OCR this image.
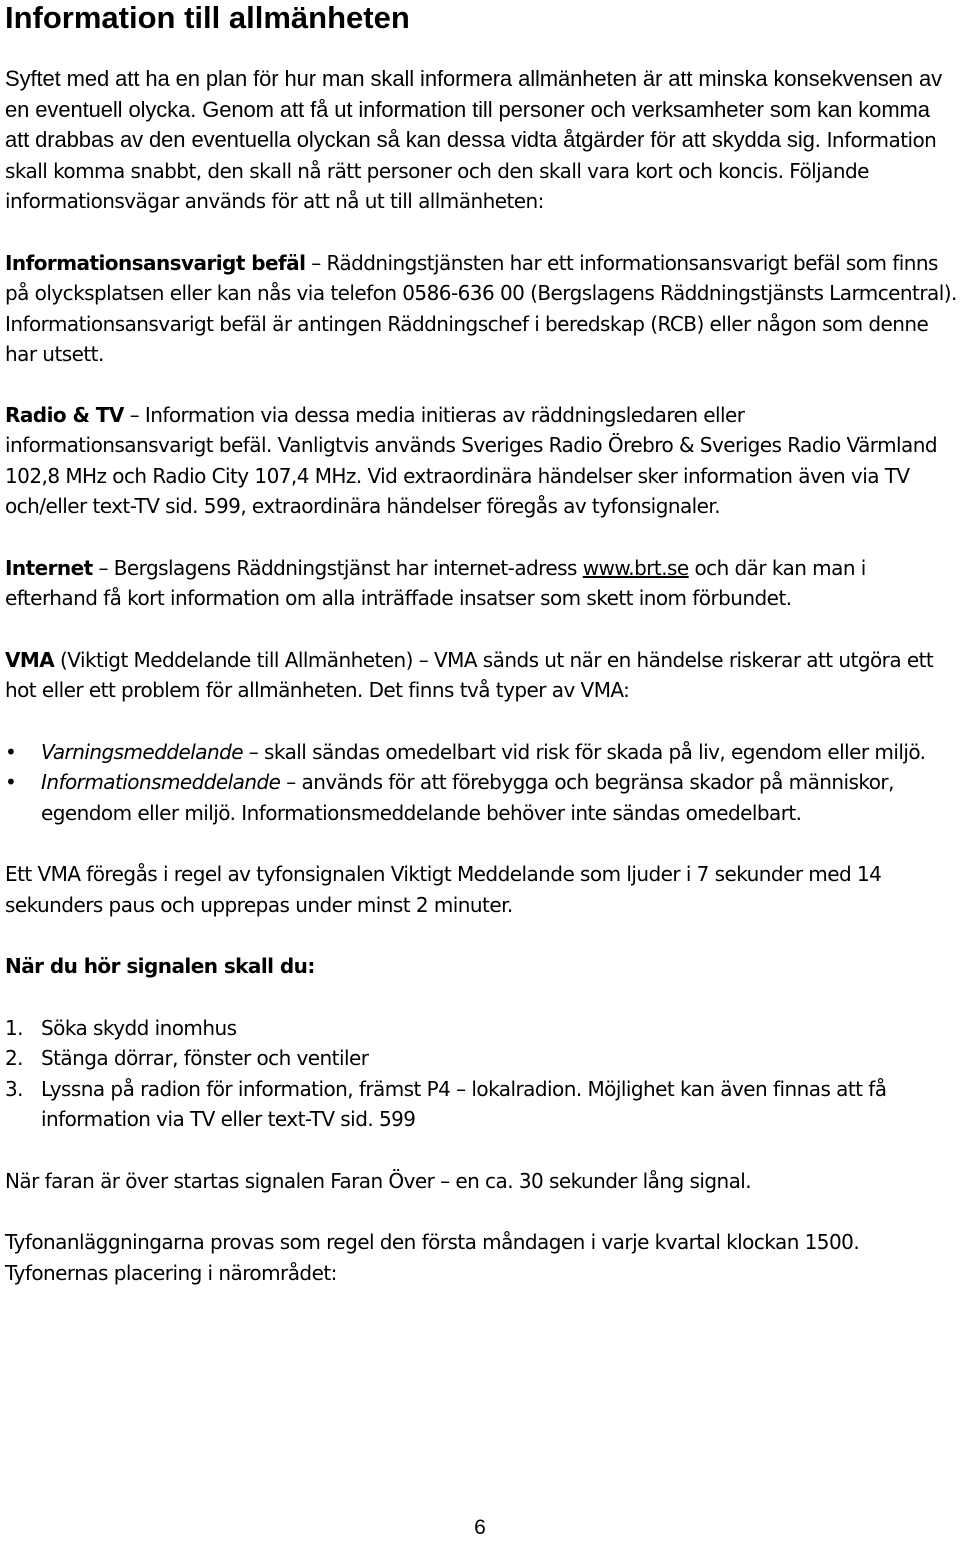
Information till allmänheten

Syftet med att ha en plan för hur man skall informera allmänheten är att minska konsekvensen av en eventuell olycka. Genom att få ut information till personer och verksamheter som kan komma att drabbas av den eventuella olyckan så kan dessa vidta åtgärder för att skydda sig. Information skall komma snabbt, den skall nå rätt personer och den skall vara kort och koncis. Följande informationsvägar används för att nå ut till allmänheten:

Informationsansvarigt befäl – Räddningstjänsten har ett informationsansvarigt befäl som finns på olycksplatsen eller kan nås via telefon 0586-636 00 (Bergslagens Räddningstjänsts Larmcentral). Informationsansvarigt befäl är antingen Räddningschef i beredskap (RCB) eller någon som denne har utsett.

Radio & TV – Information via dessa media initieras av räddningsledaren eller informationsansvarigt befäl. Vanligtvis används Sveriges Radio Örebro & Sveriges Radio Värmland 102,8 MHz och Radio City 107,4 MHz. Vid extraordinära händelser sker information även via TV och/eller text-TV sid. 599, extraordinära händelser föregås av tyfonsignaler.

Internet – Bergslagens Räddningstjänst har internet-adress www.brt.se och där kan man i efterhand få kort information om alla inträffade insatser som skett inom förbundet.

VMA (Viktigt Meddelande till Allmänheten) – VMA sänds ut när en händelse riskerar att utgöra ett hot eller ett problem för allmänheten. Det finns två typer av VMA:

• Varningsmeddelande – skall sändas omedelbart vid risk för skada på liv, egendom eller miljö.
• Informationsmeddelande – används för att förebygga och begränsa skador på människor, egendom eller miljö. Informationsmeddelande behöver inte sändas omedelbart.

Ett VMA föregås i regel av tyfonsignalen Viktigt Meddelande som ljuder i 7 sekunder med 14 sekunders paus och upprepas under minst 2 minuter.

När du hör signalen skall du:

1. Söka skydd inomhus
2. Stänga dörrar, fönster och ventiler
3. Lyssna på radion för information, främst P4 – lokalradion. Möjlighet kan även finnas att få information via TV eller text-TV sid. 599

När faran är över startas signalen Faran Över – en ca. 30 sekunder lång signal.

Tyfonanläggningarna provas som regel den första måndagen i varje kvartal klockan 1500.

Tyfonernas placering i närområdet:

6
